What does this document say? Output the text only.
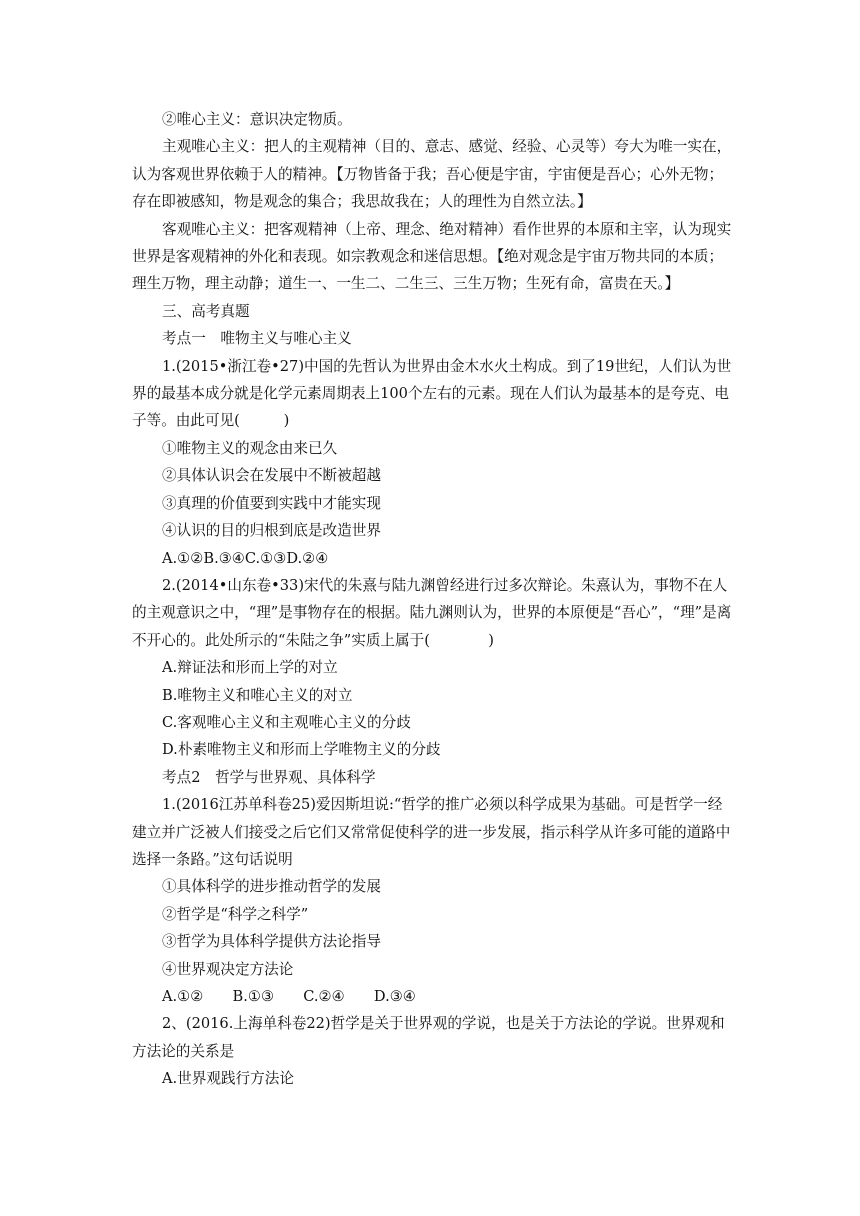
②唯心主义：意识决定物质。

主观唯心主义：把人的主观精神（目的、意志、感觉、经验、心灵等）夸大为唯一实在，认为客观世界依赖于人的精神。【万物皆备于我；吾心便是宇宙，宇宙便是吾心；心外无物；存在即被感知，物是观念的集合；我思故我在；人的理性为自然立法。】

客观唯心主义：把客观精神（上帝、理念、绝对精神）看作世界的本原和主宰，认为现实世界是客观精神的外化和表现。如宗教观念和迷信思想。【绝对观念是宇宙万物共同的本质；理生万物，理主动静；道生一、一生二、二生三、三生万物；生死有命，富贵在天。】

三、高考真题

考点一　唯物主义与唯心主义

1.(2015•浙江卷•27)中国的先哲认为世界由金木水火土构成。到了19世纪，人们认为世界的最基本成分就是化学元素周期表上100个左右的元素。现在人们认为最基本的是夸克、电子等。由此可见(　　　)

①唯物主义的观念由来已久

②具体认识会在发展中不断被超越

③真理的价值要到实践中才能实现

④认识的目的归根到底是改造世界

A.①②B.③④C.①③D.②④

2.(2014•山东卷•33)宋代的朱熹与陆九渊曾经进行过多次辩论。朱熹认为，事物不在人的主观意识之中，“理”是事物存在的根据。陆九渊则认为，世界的本原便是“吾心”，“理”是离不开心的。此处所示的“朱陆之争”实质上属于(　　　　)

A.辩证法和形而上学的对立

B.唯物主义和唯心主义的对立

C.客观唯心主义和主观唯心主义的分歧

D.朴素唯物主义和形而上学唯物主义的分歧

考点2　哲学与世界观、具体科学

1.(2016江苏单科卷25)爱因斯坦说:“哲学的推广必须以科学成果为基础。可是哲学一经建立并广泛被人们接受之后它们又常常促使科学的进一步发展，指示科学从许多可能的道路中选择一条路。”这句话说明

①具体科学的进步推动哲学的发展

②哲学是“科学之科学”

③哲学为具体科学提供方法论指导

④世界观决定方法论

A.①②　　B.①③　　C.②④　　D.③④

2、(2016.上海单科卷22)哲学是关于世界观的学说，也是关于方法论的学说。世界观和方法论的关系是

A.世界观践行方法论
